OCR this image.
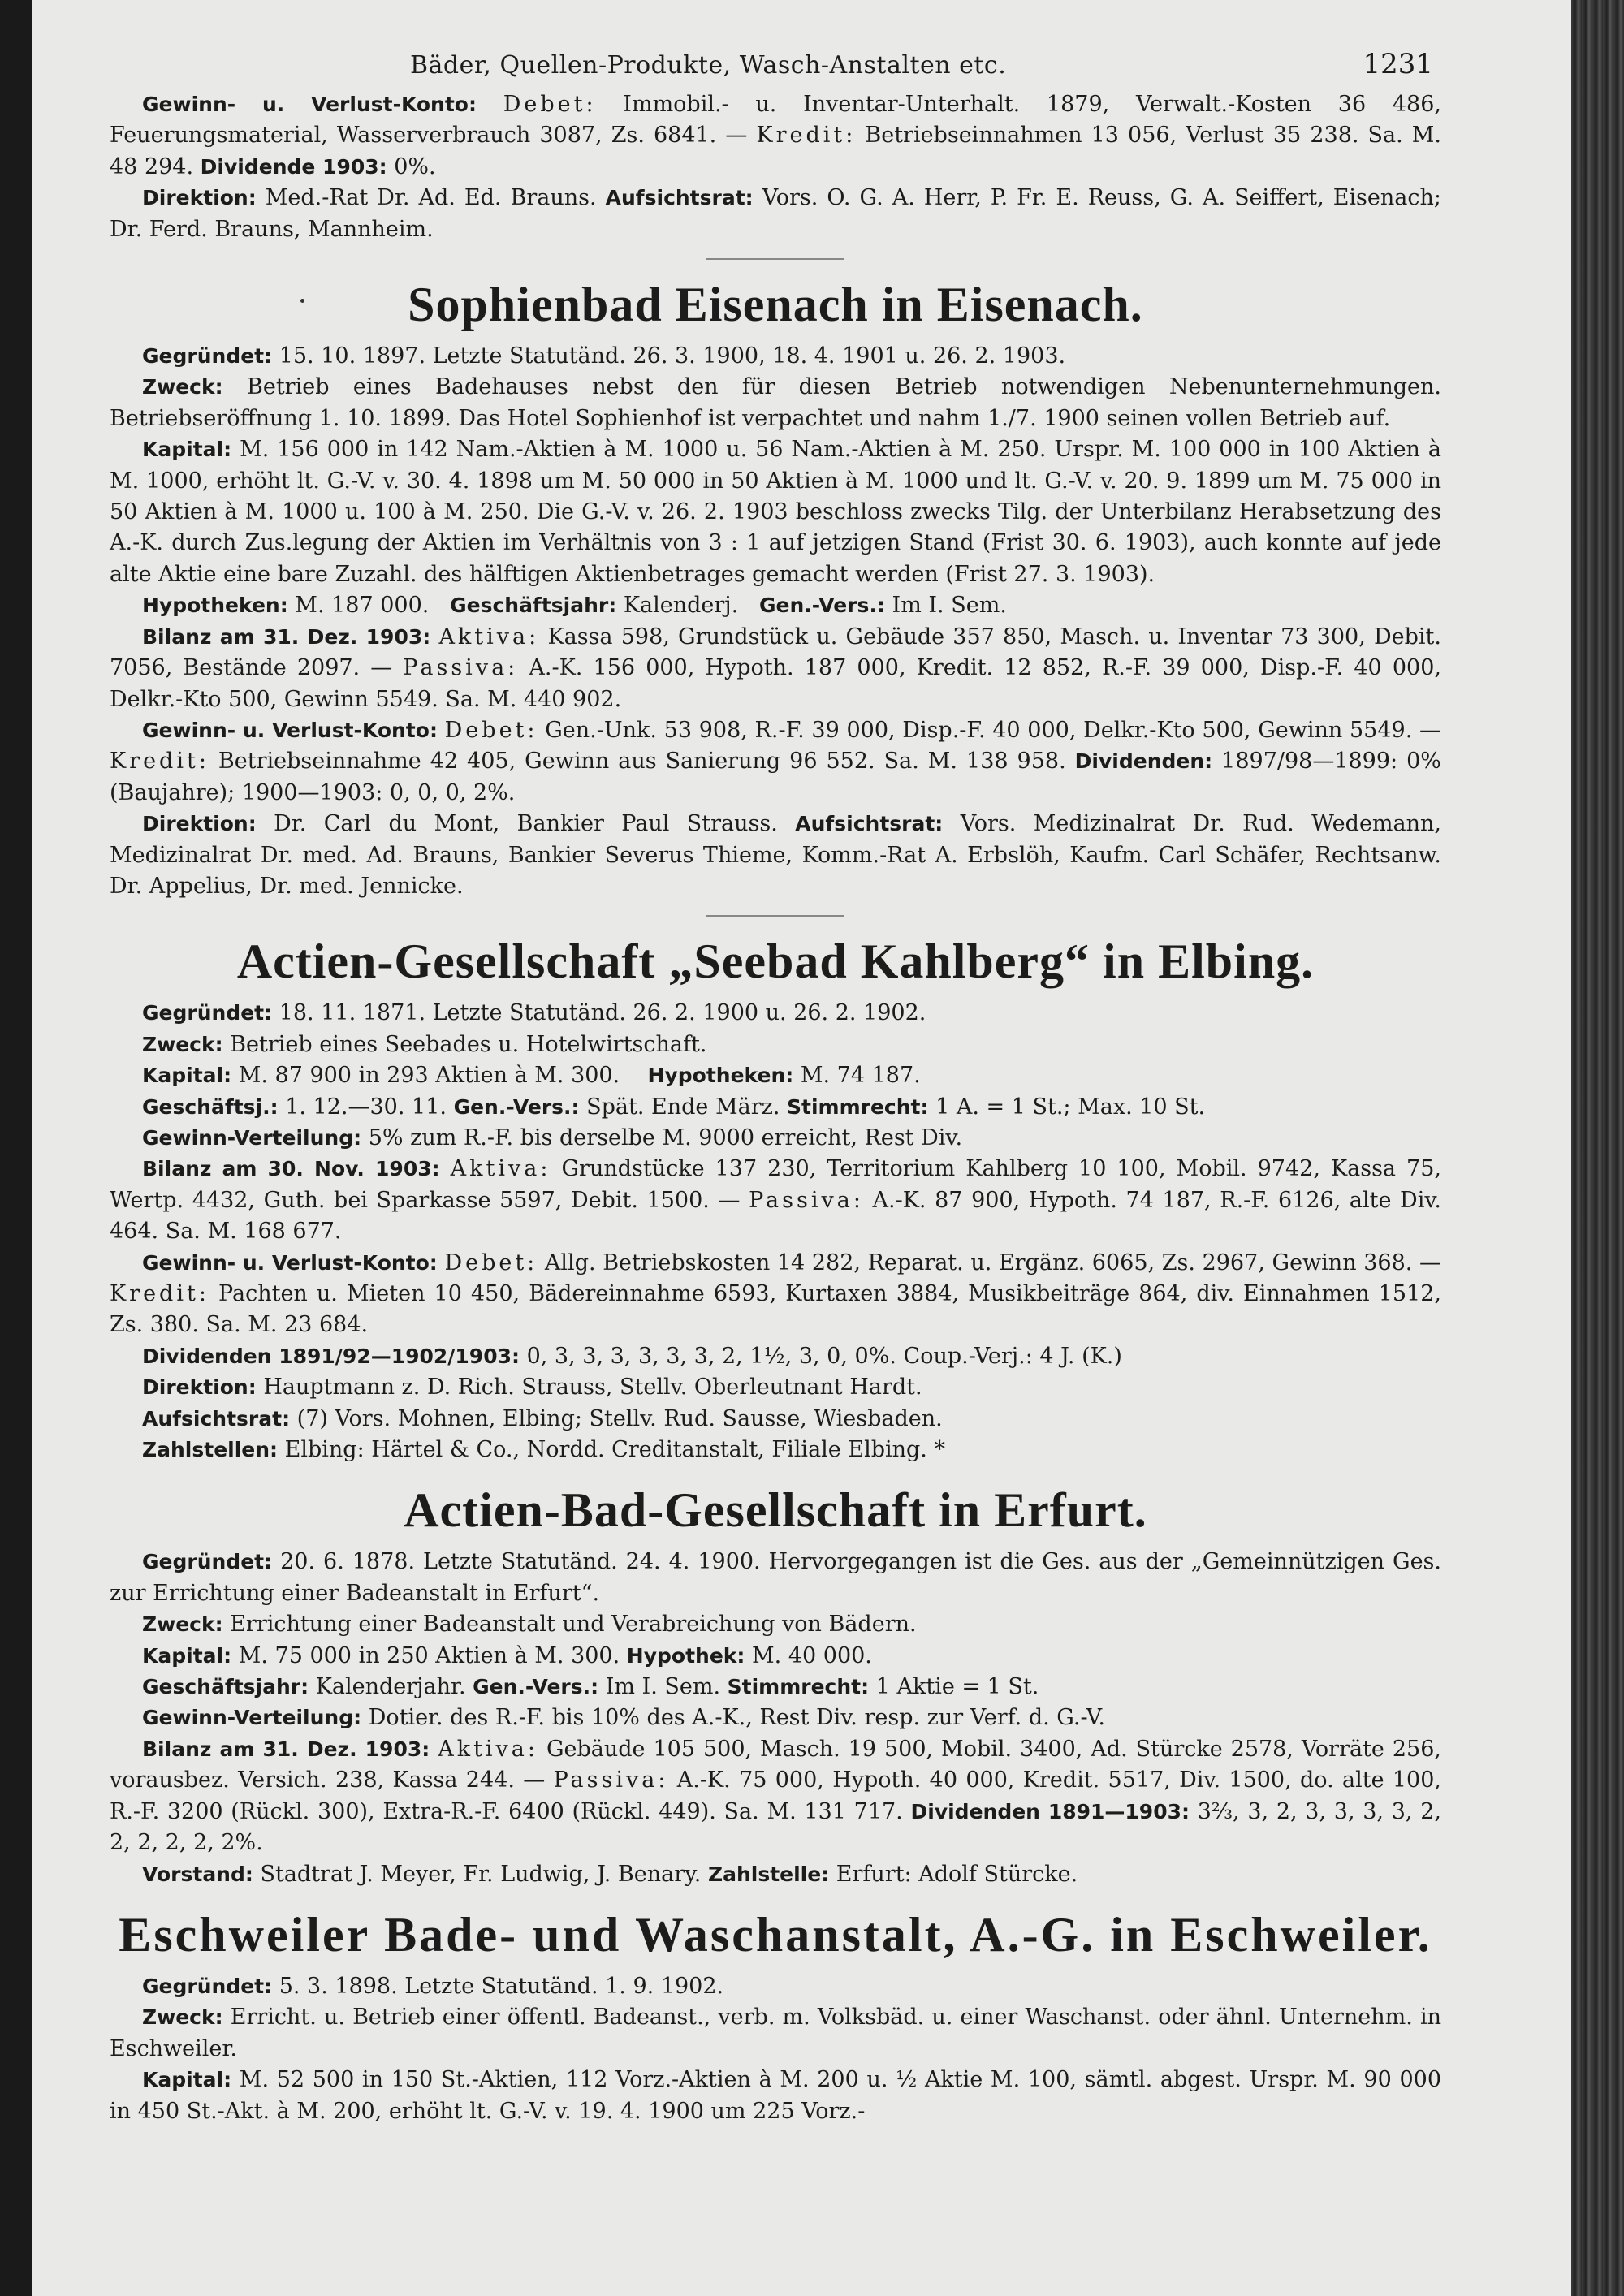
Bäder, Quellen-Produkte, Wasch-Anstalten etc.	1231

Gewinn- u. Verlust-Konto: Debet: Immobil.- u. Inventar-Unterhalt. 1879, Verwalt.-Kosten 36 486, Feuerungsmaterial, Wasserverbrauch 3087, Zs. 6841. — Kredit: Betriebseinnahmen 13 056, Verlust 35 238. Sa. M. 48 294. Dividende 1903: 0%.

Direktion: Med.-Rat Dr. Ad. Ed. Brauns. Aufsichtsrat: Vors. O. G. A. Herr, P. Fr. E. Reuss, G. A. Seiffert, Eisenach; Dr. Ferd. Brauns, Mannheim.

Sophienbad Eisenach in Eisenach.

Gegründet: 15. 10. 1897. Letzte Statutänd. 26. 3. 1900, 18. 4. 1901 u. 26. 2. 1903.

Zweck: Betrieb eines Badehauses nebst den für diesen Betrieb notwendigen Nebenunternehmungen. Betriebseröffnung 1. 10. 1899. Das Hotel Sophienhof ist verpachtet und nahm 1./7. 1900 seinen vollen Betrieb auf.

Kapital: M. 156 000 in 142 Nam.-Aktien à M. 1000 u. 56 Nam.-Aktien à M. 250. Urspr. M. 100 000 in 100 Aktien à M. 1000, erhöht lt. G.-V. v. 30. 4. 1898 um M. 50 000 in 50 Aktien à M. 1000 und lt. G.-V. v. 20. 9. 1899 um M. 75 000 in 50 Aktien à M. 1000 u. 100 à M. 250. Die G.-V. v. 26. 2. 1903 beschloss zwecks Tilg. der Unterbilanz Herabsetzung des A.-K. durch Zus.legung der Aktien im Verhältnis von 3 : 1 auf jetzigen Stand (Frist 30. 6. 1903), auch konnte auf jede alte Aktie eine bare Zuzahl. des hälftigen Aktienbetrages gemacht werden (Frist 27. 3. 1903).

Hypotheken: M. 187 000. Geschäftsjahr: Kalenderj. Gen.-Vers.: Im I. Sem.

Bilanz am 31. Dez. 1903: Aktiva: Kassa 598, Grundstück u. Gebäude 357 850, Masch. u. Inventar 73 300, Debit. 7056, Bestände 2097. — Passiva: A.-K. 156 000, Hypoth. 187 000, Kredit. 12 852, R.-F. 39 000, Disp.-F. 40 000, Delkr.-Kto 500, Gewinn 5549. Sa. M. 440 902.

Gewinn- u. Verlust-Konto: Debet: Gen.-Unk. 53 908, R.-F. 39 000, Disp.-F. 40 000, Delkr.-Kto 500, Gewinn 5549. — Kredit: Betriebseinnahme 42 405, Gewinn aus Sanierung 96 552. Sa. M. 138 958. Dividenden: 1897/98—1899: 0% (Baujahre); 1900—1903: 0, 0, 0, 2%.

Direktion: Dr. Carl du Mont, Bankier Paul Strauss. Aufsichtsrat: Vors. Medizinalrat Dr. Rud. Wedemann, Medizinalrat Dr. med. Ad. Brauns, Bankier Severus Thieme, Komm.-Rat A. Erbslöh, Kaufm. Carl Schäfer, Rechtsanw. Dr. Appelius, Dr. med. Jennicke.

Actien-Gesellschaft „Seebad Kahlberg“ in Elbing.

Gegründet: 18. 11. 1871. Letzte Statutänd. 26. 2. 1900 u. 26. 2. 1902.

Zweck: Betrieb eines Seebades u. Hotelwirtschaft.

Kapital: M. 87 900 in 293 Aktien à M. 300. Hypotheken: M. 74 187.

Geschäftsj.: 1. 12.—30. 11. Gen.-Vers.: Spät. Ende März. Stimmrecht: 1 A. = 1 St.; Max. 10 St.

Gewinn-Verteilung: 5% zum R.-F. bis derselbe M. 9000 erreicht, Rest Div.

Bilanz am 30. Nov. 1903: Aktiva: Grundstücke 137 230, Territorium Kahlberg 10 100, Mobil. 9742, Kassa 75, Wertp. 4432, Guth. bei Sparkasse 5597, Debit. 1500. — Passiva: A.-K. 87 900, Hypoth. 74 187, R.-F. 6126, alte Div. 464. Sa. M. 168 677.

Gewinn- u. Verlust-Konto: Debet: Allg. Betriebskosten 14 282, Reparat. u. Ergänz. 6065, Zs. 2967, Gewinn 368. — Kredit: Pachten u. Mieten 10 450, Bädereinnahme 6593, Kurtaxen 3884, Musikbeiträge 864, div. Einnahmen 1512, Zs. 380. Sa. M. 23 684.

Dividenden 1891/92—1902/1903: 0, 3, 3, 3, 3, 3, 3, 2, 1½, 3, 0, 0%. Coup.-Verj.: 4 J. (K.)

Direktion: Hauptmann z. D. Rich. Strauss, Stellv. Oberleutnant Hardt.

Aufsichtsrat: (7) Vors. Mohnen, Elbing; Stellv. Rud. Sausse, Wiesbaden.

Zahlstellen: Elbing: Härtel & Co., Nordd. Creditanstalt, Filiale Elbing. *

Actien-Bad-Gesellschaft in Erfurt.

Gegründet: 20. 6. 1878. Letzte Statutänd. 24. 4. 1900. Hervorgegangen ist die Ges. aus der „Gemeinnützigen Ges. zur Errichtung einer Badeanstalt in Erfurt“.

Zweck: Errichtung einer Badeanstalt und Verabreichung von Bädern.

Kapital: M. 75 000 in 250 Aktien à M. 300. Hypothek: M. 40 000.

Geschäftsjahr: Kalenderjahr. Gen.-Vers.: Im I. Sem. Stimmrecht: 1 Aktie = 1 St.

Gewinn-Verteilung: Dotier. des R.-F. bis 10% des A.-K., Rest Div. resp. zur Verf. d. G.-V.

Bilanz am 31. Dez. 1903: Aktiva: Gebäude 105 500, Masch. 19 500, Mobil. 3400, Ad. Stürcke 2578, Vorräte 256, vorausbez. Versich. 238, Kassa 244. — Passiva: A.-K. 75 000, Hypoth. 40 000, Kredit. 5517, Div. 1500, do. alte 100, R.-F. 3200 (Rückl. 300), Extra-R.-F. 6400 (Rückl. 449). Sa. M. 131 717. Dividenden 1891—1903: 3⅔, 3, 2, 3, 3, 3, 3, 2, 2, 2, 2, 2, 2%.

Vorstand: Stadtrat J. Meyer, Fr. Ludwig, J. Benary. Zahlstelle: Erfurt: Adolf Stürcke.

Eschweiler Bade- und Waschanstalt, A.-G. in Eschweiler.

Gegründet: 5. 3. 1898. Letzte Statutänd. 1. 9. 1902.

Zweck: Erricht. u. Betrieb einer öffentl. Badeanst., verb. m. Volksbäd. u. einer Waschanst. oder ähnl. Unternehm. in Eschweiler.

Kapital: M. 52 500 in 150 St.-Aktien, 112 Vorz.-Aktien à M. 200 u. ½ Aktie M. 100, sämtl. abgest. Urspr. M. 90 000 in 450 St.-Akt. à M. 200, erhöht lt. G.-V. v. 19. 4. 1900 um 225 Vorz.-
